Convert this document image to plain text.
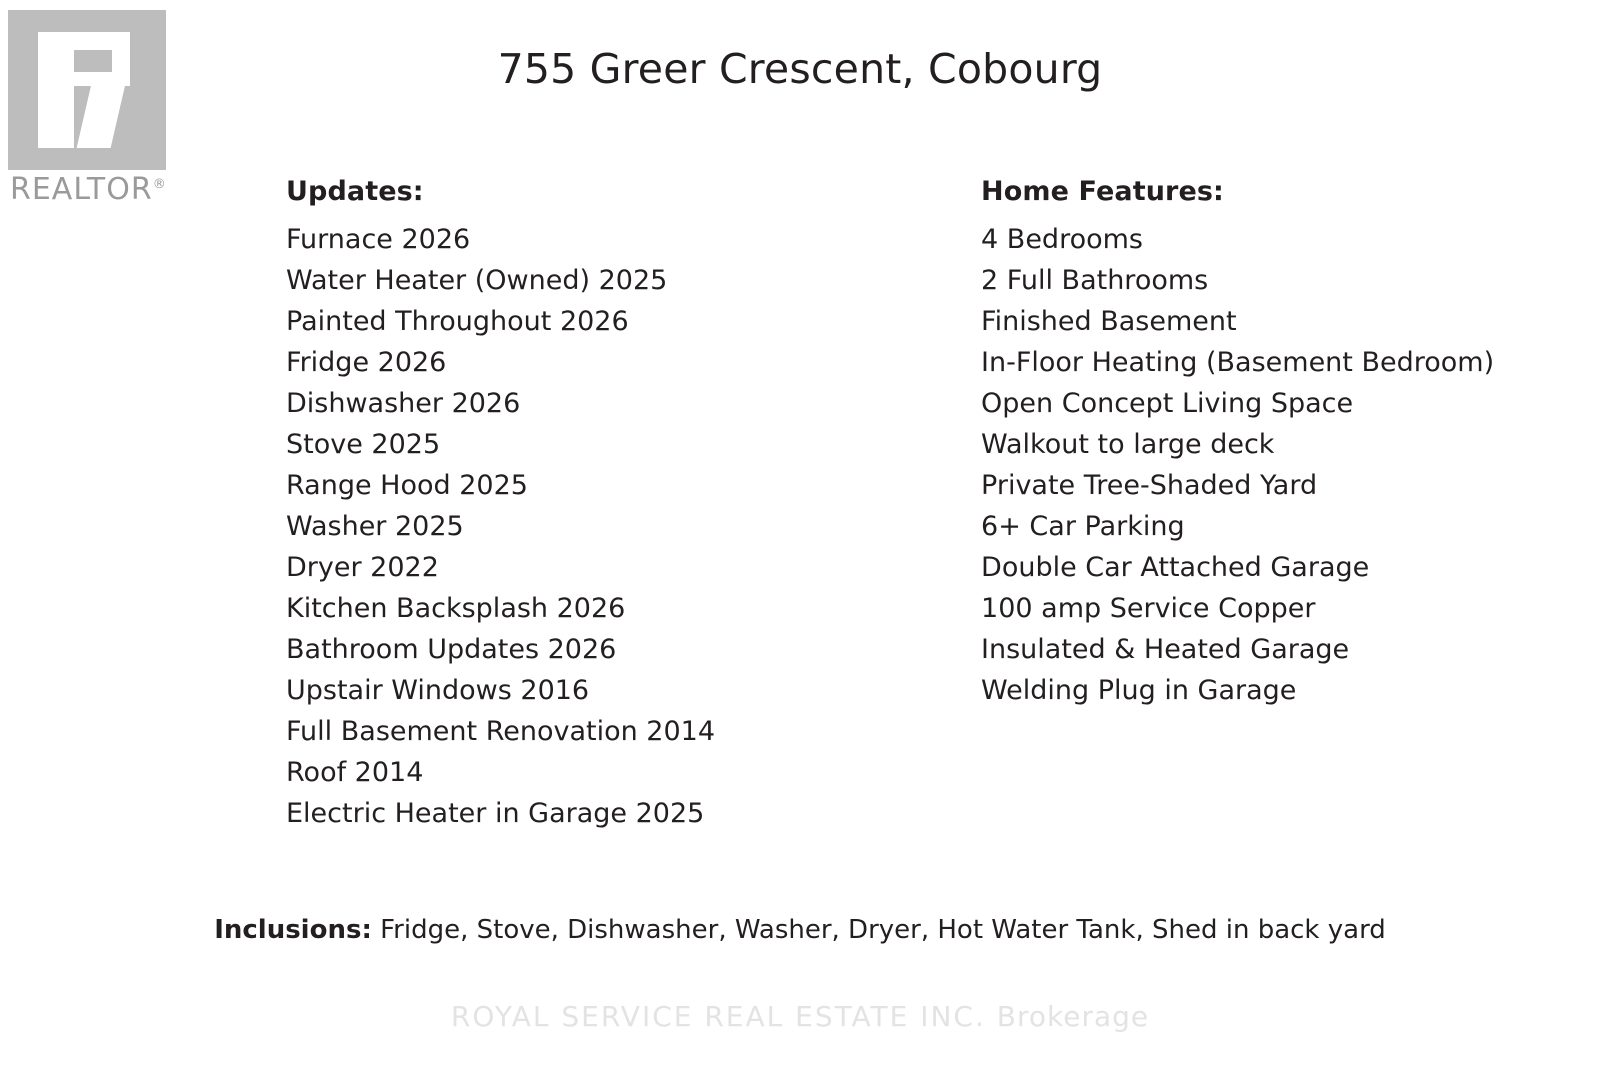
REALTOR®
755 Greer Crescent, Cobourg
Updates:
Furnace 2026
Water Heater (Owned) 2025
Painted Throughout 2026
Fridge 2026
Dishwasher 2026
Stove 2025
Range Hood 2025
Washer 2025
Dryer 2022
Kitchen Backsplash 2026
Bathroom Updates 2026
Upstair Windows 2016
Full Basement Renovation 2014
Roof 2014
Electric Heater in Garage 2025
Home Features:
4 Bedrooms
2 Full Bathrooms
Finished Basement
In-Floor Heating (Basement Bedroom)
Open Concept Living Space
Walkout to large deck
Private Tree-Shaded Yard
6+ Car Parking
Double Car Attached Garage
100 amp Service Copper
Insulated & Heated Garage
Welding Plug in Garage
Inclusions: Fridge, Stove, Dishwasher, Washer, Dryer, Hot Water Tank, Shed in back yard
ROYAL SERVICE REAL ESTATE INC. Brokerage
